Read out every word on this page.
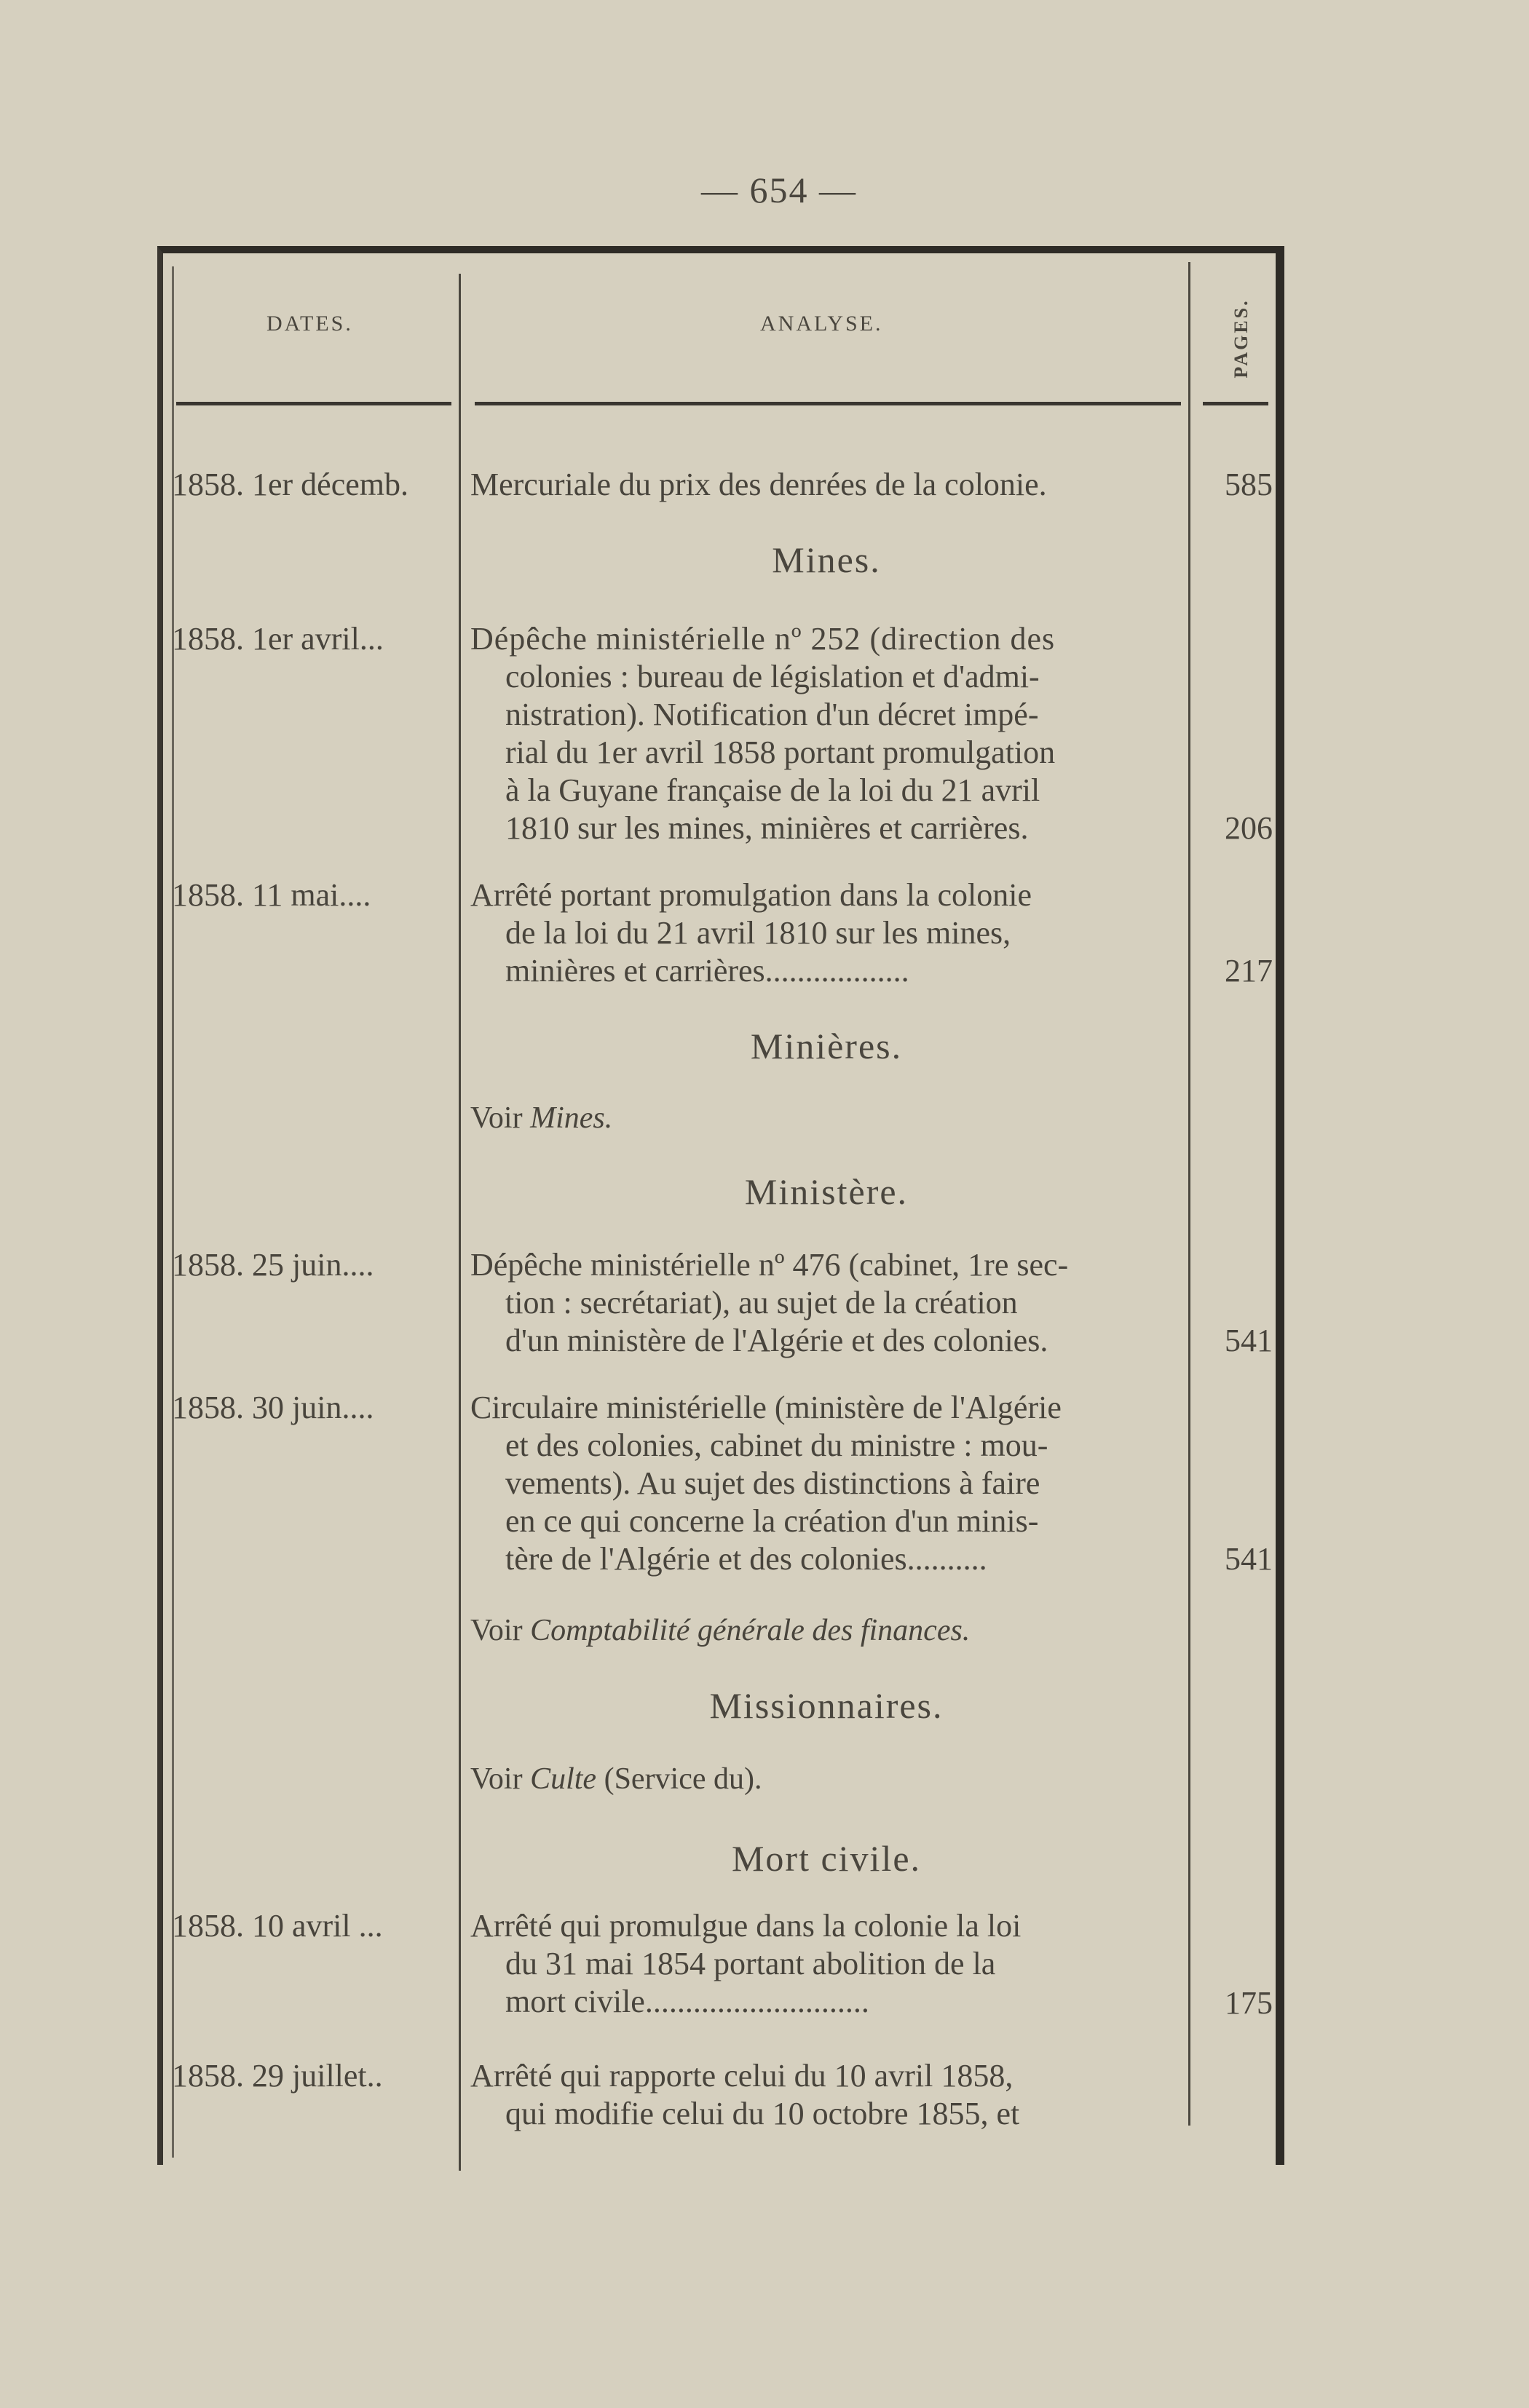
— 654 —
DATES.	ANALYSE.	PAGES.
1858. 1er décemb.	Mercuriale du prix des denrées de la colonie.	585
Mines.
1858. 1er avril...	Dépêche ministérielle nº 252 (direction des
colonies : bureau de législation et d'admi-
nistration). Notification d'un décret impé-
rial du 1er avril 1858 portant promulgation
à la Guyane française de la loi du 21 avril
1810 sur les mines, minières et carrières.	206
1858. 11 mai....	Arrêté portant promulgation dans la colonie
de la loi du 21 avril 1810 sur les mines,
minières et carrières..................	217
Minières.
Voir Mines.
Ministère.
1858. 25 juin....	Dépêche ministérielle nº 476 (cabinet, 1re sec-
tion : secrétariat), au sujet de la création
d'un ministère de l'Algérie et des colonies.	541
1858. 30 juin....	Circulaire ministérielle (ministère de l'Algérie
et des colonies, cabinet du ministre : mou-
vements). Au sujet des distinctions à faire
en ce qui concerne la création d'un minis-
tère de l'Algérie et des colonies..........	541
Voir Comptabilité générale des finances.
Missionnaires.
Voir Culte (Service du).
Mort civile.
1858. 10 avril ...	Arrêté qui promulgue dans la colonie la loi
du 31 mai 1854 portant abolition de la
mort civile............................	175
1858. 29 juillet..	Arrêté qui rapporte celui du 10 avril 1858,
qui modifie celui du 10 octobre 1855, et
